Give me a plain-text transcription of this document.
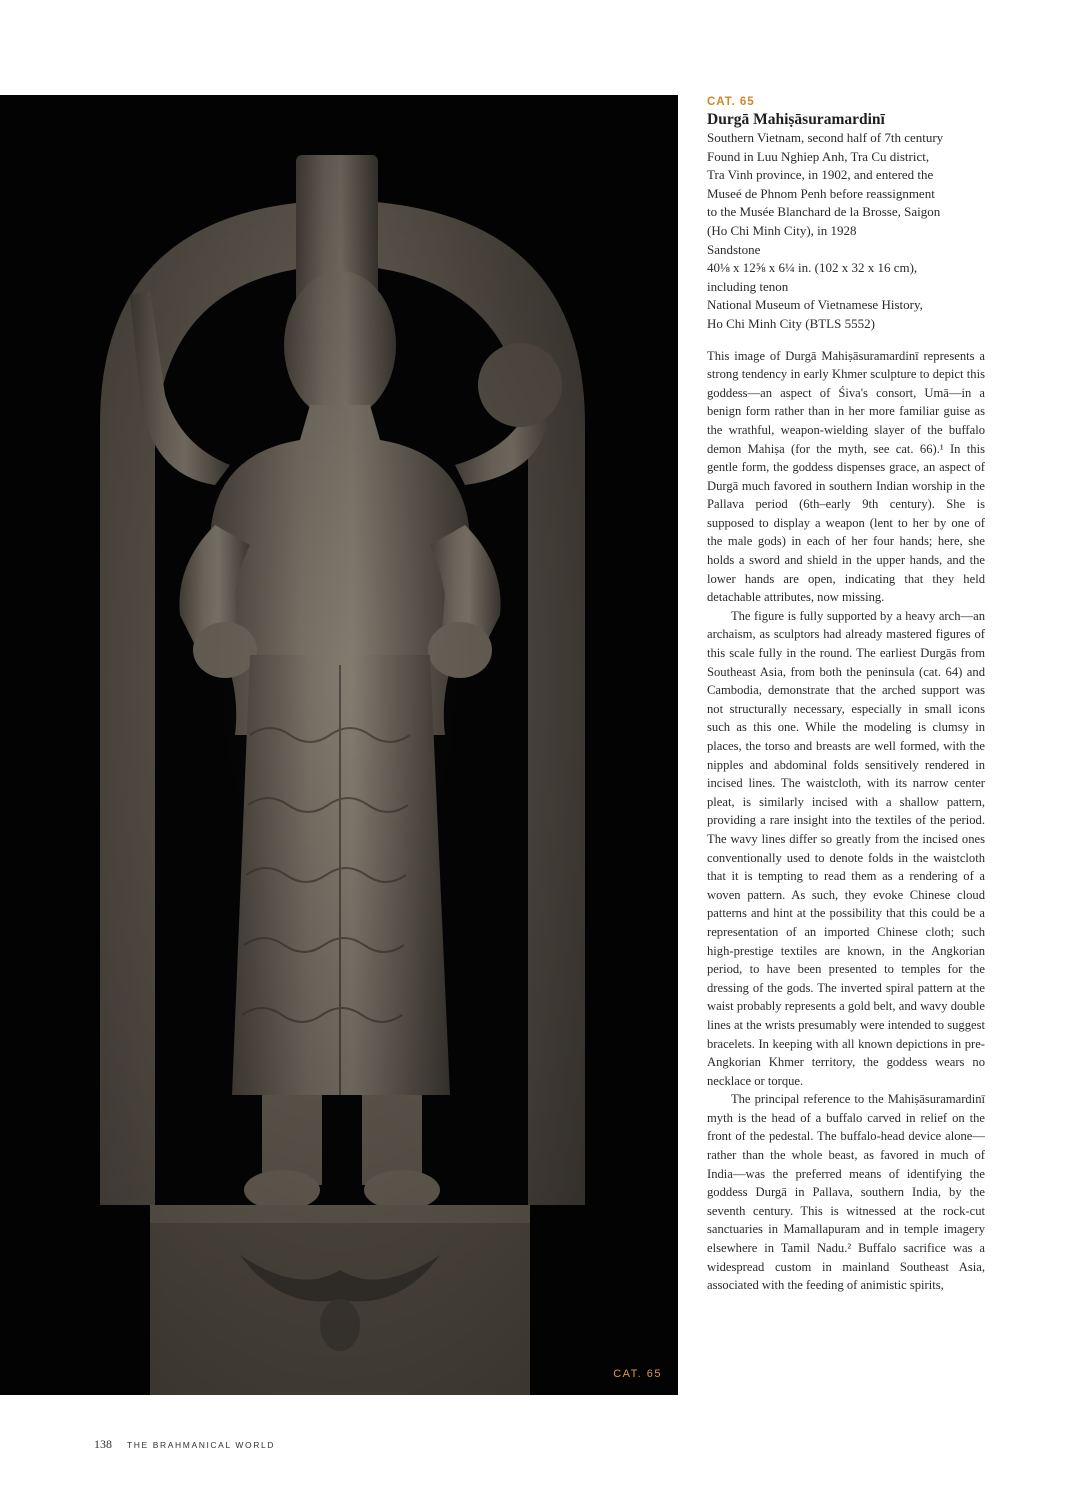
CAT. 65

CAT. 65

Durgā Mahiṣāsuramardinī
Southern Vietnam, second half of 7th century
Found in Luu Nghiep Anh, Tra Cu district,
Tra Vinh province, in 1902, and entered the
Museé de Phnom Penh before reassignment
to the Musée Blanchard de la Brosse, Saigon
(Ho Chi Minh City), in 1928
Sandstone
40⅛ x 12⅝ x 6¼ in. (102 x 32 x 16 cm),
including tenon
National Museum of Vietnamese History,
Ho Chi Minh City (BTLS 5552)

This image of Durgā Mahiṣāsuramardinī represents a strong tendency in early Khmer sculpture to depict this goddess—an aspect of Śiva's consort, Umā—in a benign form rather than in her more familiar guise as the wrathful, weapon-wielding slayer of the buffalo demon Mahiṣa (for the myth, see cat. 66).¹ In this gentle form, the goddess dispenses grace, an aspect of Durgā much favored in southern Indian worship in the Pallava period (6th–early 9th century). She is supposed to display a weapon (lent to her by one of the male gods) in each of her four hands; here, she holds a sword and shield in the upper hands, and the lower hands are open, indicating that they held detachable attributes, now missing.

The figure is fully supported by a heavy arch—an archaism, as sculptors had already mastered figures of this scale fully in the round. The earliest Durgās from Southeast Asia, from both the peninsula (cat. 64) and Cambodia, demonstrate that the arched support was not structurally necessary, especially in small icons such as this one. While the modeling is clumsy in places, the torso and breasts are well formed, with the nipples and abdominal folds sensitively rendered in incised lines. The waistcloth, with its narrow center pleat, is similarly incised with a shallow pattern, providing a rare insight into the textiles of the period. The wavy lines differ so greatly from the incised ones conventionally used to denote folds in the waistcloth that it is tempting to read them as a rendering of a woven pattern. As such, they evoke Chinese cloud patterns and hint at the possibility that this could be a representation of an imported Chinese cloth; such high-prestige textiles are known, in the Angkorian period, to have been presented to temples for the dressing of the gods. The inverted spiral pattern at the waist probably represents a gold belt, and wavy double lines at the wrists presumably were intended to suggest bracelets. In keeping with all known depictions in pre-Angkorian Khmer territory, the goddess wears no necklace or torque.

The principal reference to the Mahiṣāsuramardinī myth is the head of a buffalo carved in relief on the front of the pedestal. The buffalo-head device alone—rather than the whole beast, as favored in much of India—was the preferred means of identifying the goddess Durgā in Pallava, southern India, by the seventh century. This is witnessed at the rock-cut sanctuaries in Mamallapuram and in temple imagery elsewhere in Tamil Nadu.² Buffalo sacrifice was a widespread custom in mainland Southeast Asia, associated with the feeding of animistic spirits,

138 THE BRAHMANICAL WORLD
